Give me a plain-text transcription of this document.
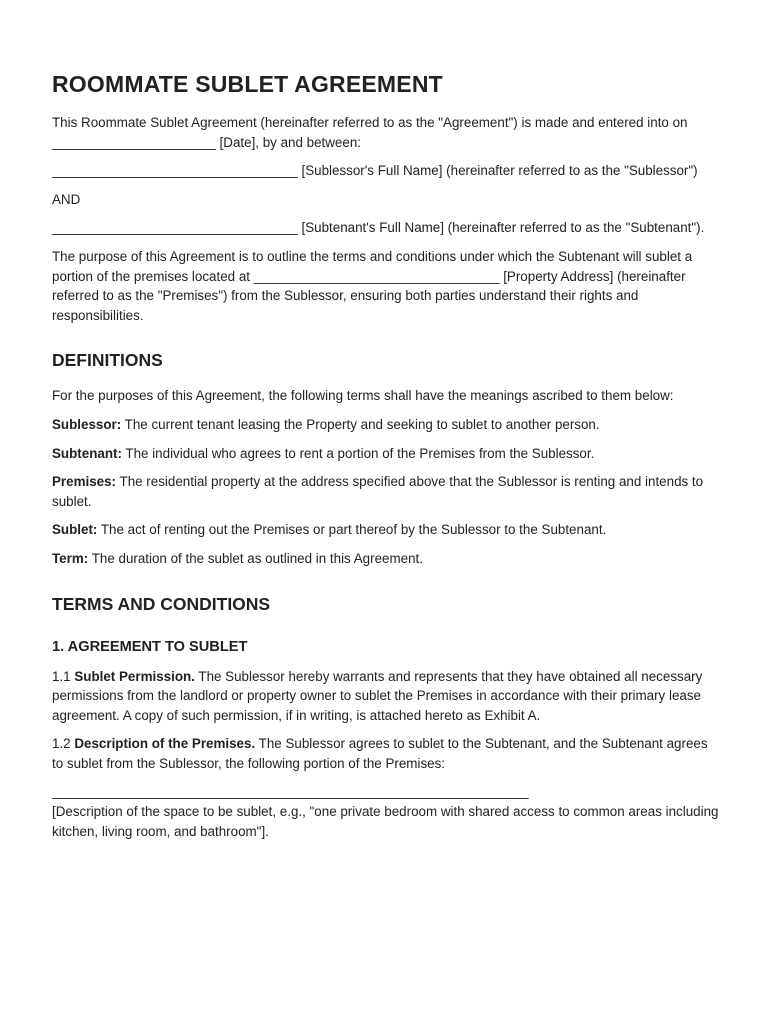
ROOMMATE SUBLET AGREEMENT

This Roommate Sublet Agreement (hereinafter referred to as the "Agreement") is made and entered into on ______________________ [Date], by and between:

_________________________________ [Sublessor's Full Name] (hereinafter referred to as the "Sublessor")

AND

_________________________________ [Subtenant's Full Name] (hereinafter referred to as the "Subtenant").

The purpose of this Agreement is to outline the terms and conditions under which the Subtenant will sublet a portion of the premises located at _________________________________ [Property Address] (hereinafter referred to as the "Premises") from the Sublessor, ensuring both parties understand their rights and responsibilities.

DEFINITIONS

For the purposes of this Agreement, the following terms shall have the meanings ascribed to them below:

Sublessor: The current tenant leasing the Property and seeking to sublet to another person.

Subtenant: The individual who agrees to rent a portion of the Premises from the Sublessor.

Premises: The residential property at the address specified above that the Sublessor is renting and intends to sublet.

Sublet: The act of renting out the Premises or part thereof by the Sublessor to the Subtenant.

Term: The duration of the sublet as outlined in this Agreement.

TERMS AND CONDITIONS
1. AGREEMENT TO SUBLET

1.1 Sublet Permission. The Sublessor hereby warrants and represents that they have obtained all necessary permissions from the landlord or property owner to sublet the Premises in accordance with their primary lease agreement. A copy of such permission, if in writing, is attached hereto as Exhibit A.

1.2 Description of the Premises. The Sublessor agrees to sublet to the Subtenant, and the Subtenant agrees to sublet from the Sublessor, the following portion of the Premises:

________________________________________________________________

[Description of the space to be sublet, e.g., "one private bedroom with shared access to common areas including kitchen, living room, and bathroom"].
